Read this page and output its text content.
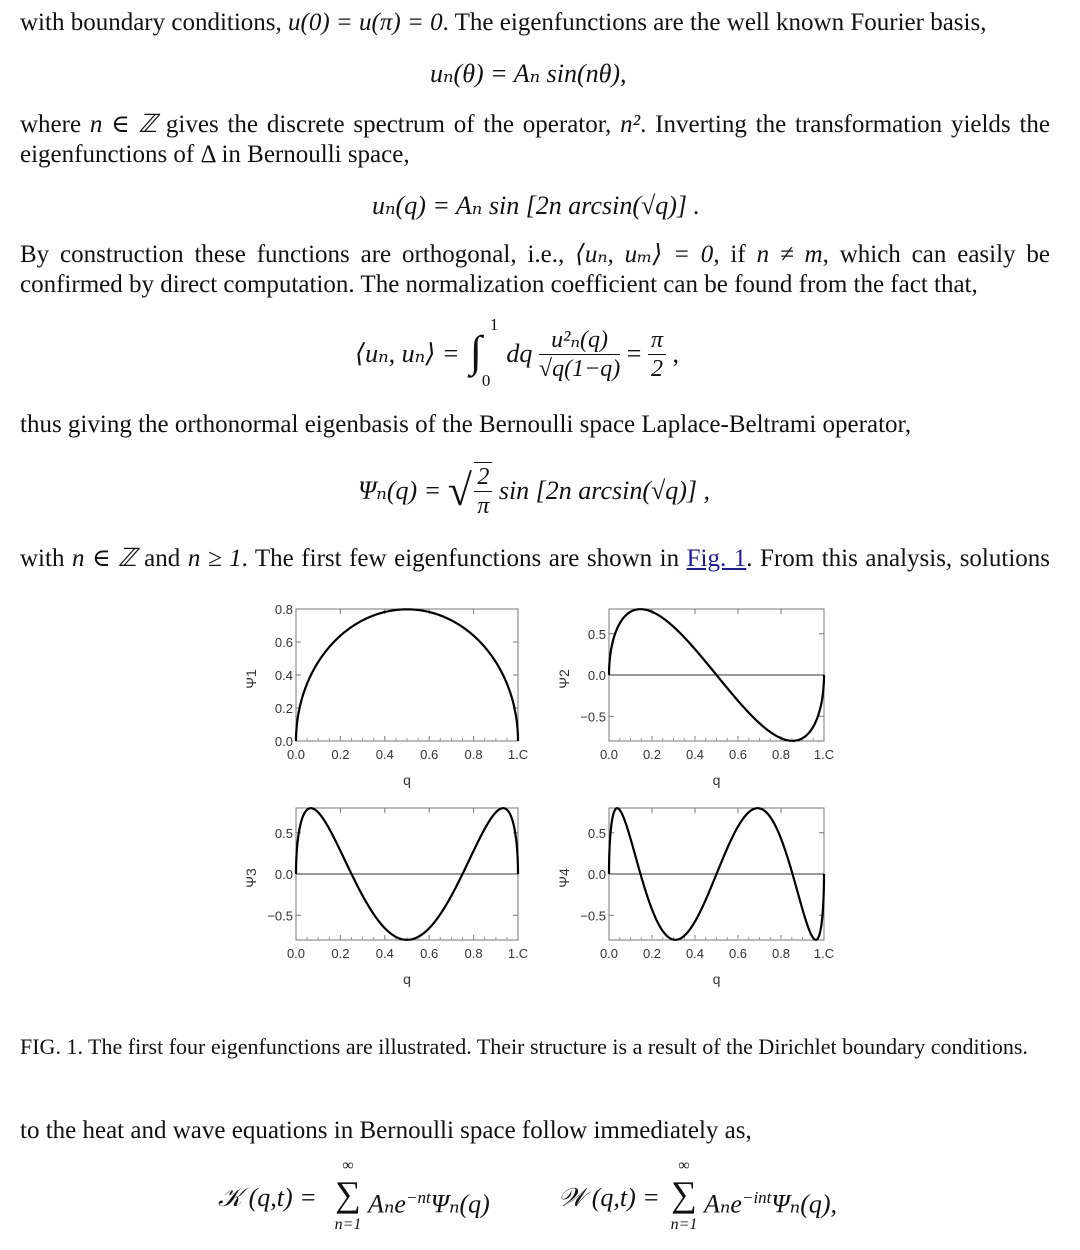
with boundary conditions, u(0) = u(π) = 0. The eigenfunctions are the well known Fourier basis,
uₙ(θ) = Aₙ sin(nθ),
where n ∈ ℤ gives the discrete spectrum of the operator, n². Inverting the transformation yields the
eigenfunctions of Δ in Bernoulli space,
uₙ(q) = Aₙ sin [2n arcsin(√q)] .
By construction these functions are orthogonal, i.e., ⟨uₙ, uₘ⟩ = 0, if n ≠ m, which can easily be
confirmed by direct computation. The normalization coefficient can be found from the fact that,
⟨uₙ, uₙ⟩ = ∫
1
0
dq $\frac{\text{u²ₙ(q)}}{√q(1-q)} = \frac{\pi}{2}$ ,
thus giving the orthonormal eigenbasis of the Bernoulli space Laplace-Beltrami operator,
Ψₙ(q) = √ $\frac{2}{\pi}$ sin [2n arcsin(√q)] ,
with n ∈ ℤ and n ≥ 1. The first few eigenfunctions are shown in Fig. 1. From this analysis, solutions
0.0 0.2 0.4 0.6 0.8 1.C
0.0
0.2
0.4
0.6
0.8
q
Ψ1
0.0 0.2 0.4 0.6 0.8 1.C
0.5
0.0
−0.5
q
Ψ2
0.0 0.2 0.4 0.6 0.8 1.C
0.5
0.0
−0.5
q
Ψ3
0.0 0.2 0.4 0.6 0.8 1.C
0.5
0.0
−0.5
q
Ψ4
FIG. 1. The first four eigenfunctions are illustrated. Their structure is a result of the Dirichlet boundary conditions.
to the heat and wave equations in Bernoulli space follow immediately as,
𝒦 (q,t) =
∞
∑
n=1
Aₙe$^{-nt}$Ψₙ(q)	𝒲 (q,t) =
∞
∑
n=1
Aₙe$^{-int}$Ψₙ(q),
